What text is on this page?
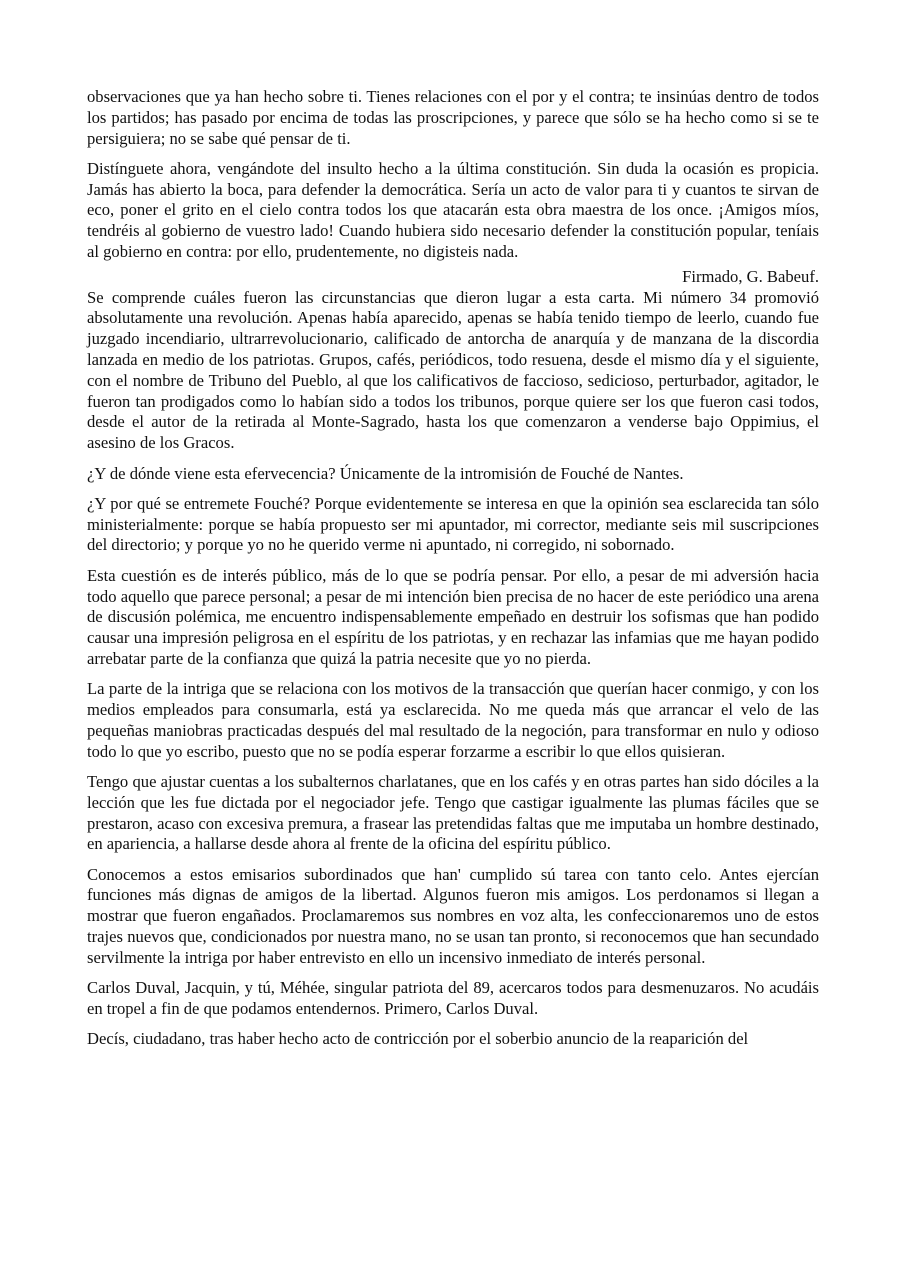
observaciones que ya han hecho sobre ti. Tienes relaciones con el por y el contra; te insinúas dentro de todos los partidos; has pasado por encima de todas las proscripciones, y parece que sólo se ha hecho como si se te persiguiera; no se sabe qué pensar de ti.

Distínguete ahora, vengándote del insulto hecho a la última constitución. Sin duda la ocasión es propicia. Jamás has abierto la boca, para defender la democrática. Sería un acto de valor para ti y cuantos te sirvan de eco, poner el grito en el cielo contra todos los que atacarán esta obra maestra de los once. ¡Amigos míos, tendréis al gobierno de vuestro lado! Cuando hubiera sido necesario defender la constitución popular, teníais al gobierno en contra: por ello, prudentemente, no digisteis nada.

Firmado, G. Babeuf.

Se comprende cuáles fueron las circunstancias que dieron lugar a esta carta. Mi número 34 promovió absolutamente una revolución. Apenas había aparecido, apenas se había tenido tiempo de leerlo, cuando fue juzgado incendiario, ultrarrevolucionario, calificado de antorcha de anarquía y de manzana de la discordia lanzada en medio de los patriotas. Grupos, cafés, periódicos, todo resuena, desde el mismo día y el siguiente, con el nombre de Tribuno del Pueblo, al que los calificativos de faccioso, sedicioso, perturbador, agitador, le fueron tan prodigados como lo habían sido a todos los tribunos, porque quiere ser los que fueron casi todos, desde el autor de la retirada al Monte-Sagrado, hasta los que comenzaron a venderse bajo Oppimius, el asesino de los Gracos.

¿Y de dónde viene esta efervecencia? Únicamente de la intromisión de Fouché de Nantes.

¿Y por qué se entremete Fouché? Porque evidentemente se interesa en que la opinión sea esclarecida tan sólo ministerialmente: porque se había propuesto ser mi apuntador, mi corrector, mediante seis mil suscripciones del directorio; y porque yo no he querido verme ni apuntado, ni corregido, ni sobornado.

Esta cuestión es de interés público, más de lo que se podría pensar. Por ello, a pesar de mi adversión hacia todo aquello que parece personal; a pesar de mi intención bien precisa de no hacer de este periódico una arena de discusión polémica, me encuentro indispensablemente empeñado en destruir los sofismas que han podido causar una impresión peligrosa en el espíritu de los patriotas, y en rechazar las infamias que me hayan podido arrebatar parte de la confianza que quizá la patria necesite que yo no pierda.

La parte de la intriga que se relaciona con los motivos de la transacción que querían hacer conmigo, y con los medios empleados para consumarla, está ya esclarecida. No me queda más que arrancar el velo de las pequeñas maniobras practicadas después del mal resultado de la negoción, para transformar en nulo y odioso todo lo que yo escribo, puesto que no se podía esperar forzarme a escribir lo que ellos quisieran.

Tengo que ajustar cuentas a los subalternos charlatanes, que en los cafés y en otras partes han sido dóciles a la lección que les fue dictada por el negociador jefe. Tengo que castigar igualmente las plumas fáciles que se prestaron, acaso con excesiva premura, a frasear las pretendidas faltas que me imputaba un hombre destinado, en apariencia, a hallarse desde ahora al frente de la oficina del espíritu público.

Conocemos a estos emisarios subordinados que han' cumplido sú tarea con tanto celo. Antes ejercían funciones más dignas de amigos de la libertad. Algunos fueron mis amigos. Los perdonamos si llegan a mostrar que fueron engañados. Proclamaremos sus nombres en voz alta, les confeccionaremos uno de estos trajes nuevos que, condicionados por nuestra mano, no se usan tan pronto, si reconocemos que han secundado servilmente la intriga por haber entrevisto en ello un incensivo inmediato de interés personal.

Carlos Duval, Jacquin, y tú, Méhée, singular patriota del 89, acercaros todos para desmenuzaros. No acudáis en tropel a fin de que podamos entendernos. Primero, Carlos Duval.

Decís, ciudadano, tras haber hecho acto de contricción por el soberbio anuncio de la reaparición del
